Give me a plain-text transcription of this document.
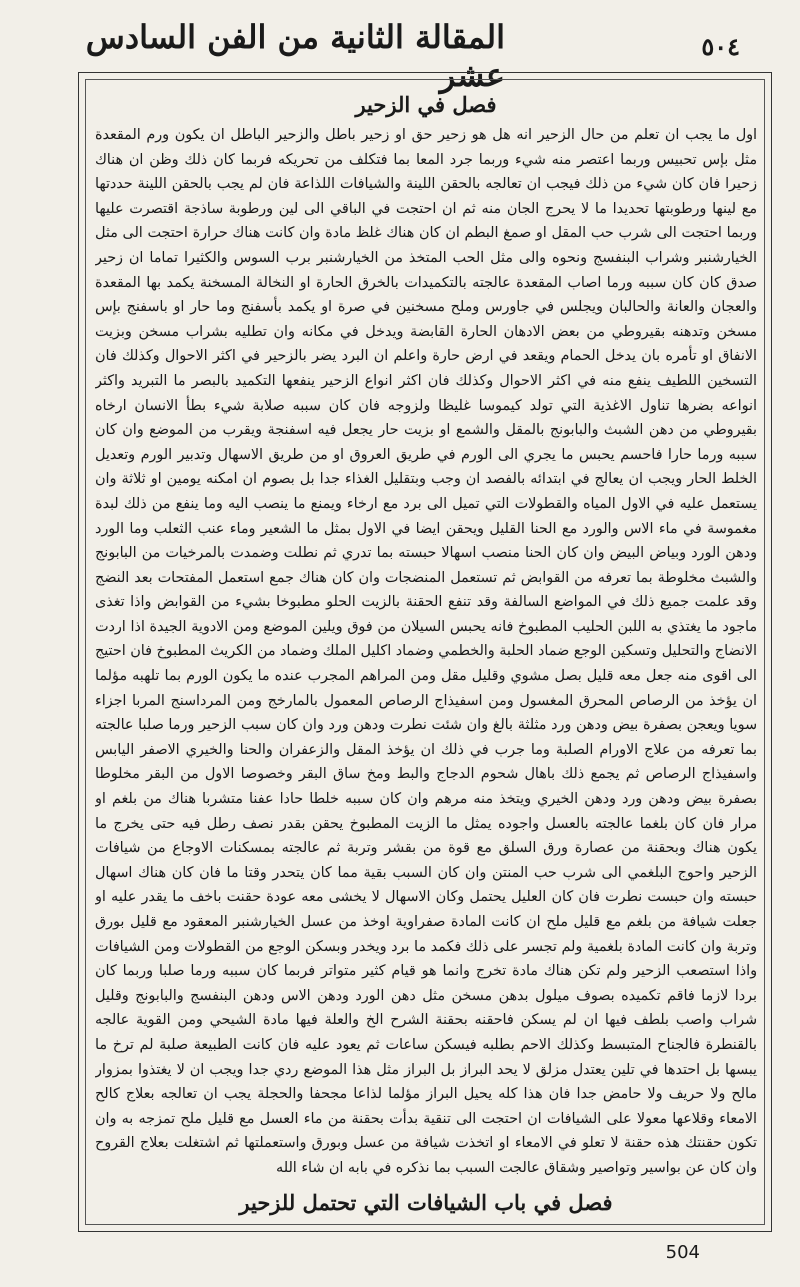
المقالة الثانية من الفن السادس عشر
٥٠٤
فصل في الزحير

اول ما يجب ان تعلم من حال الزحير انه هل هو زحير حق او زحير باطل والزحير الباطل ان يكون ورم المقعدة مثل بإس تحبيس وربما اعتصر منه شيء وربما جرد المعا بما فتكلف من تحريكه فربما كان ذلك وظن ان هناك زحيرا فان كان شيء من ذلك فيجب ان تعالجه بالحقن اللينة والشيافات اللذاعة فان لم يجب بالحقن اللينة حددتها مع لينها ورطوبتها تحديدا ما لا يحرج الجان منه ثم ان احتجت في الباقي الى لين ورطوبة ساذجة اقتصرت عليها وربما احتجت الى شرب حب المقل او صمغ البطم ان كان هناك غلظ مادة وان كانت هناك حرارة احتجت الى مثل الخيارشنبر وشراب البنفسج ونحوه والى مثل الحب المتخذ من الخيارشنبر برب السوس والكثيرا تماما ان زحير صدق كان كان سببه ورما اصاب المقعدة عالجته بالتكميدات بالخرق الحارة او النخالة المسخنة يكمد بها المقعدة والعجان والعانة والحالبان ويجلس في جاورس وملح مسخنين في صرة او يكمد بأسفنج وما حار او باسفنج بإس مسخن وتدهنه بقيروطي من بعض الادهان الحارة القابضة ويدخل في مكانه وان تطليه بشراب مسخن وبزيت الانفاق او تأمره بان يدخل الحمام ويقعد في ارض حارة واعلم ان البرد يضر بالزحير في اكثر الاحوال وكذلك فان التسخين اللطيف ينفع منه في اكثر الاحوال وكذلك فان اكثر انواع الزحير ينفعها التكميد بالبصر ما التبريد واكثر انواعه بضرها تناول الاغذية التي تولد كيموسا غليظا ولزوجه فان كان سببه صلابة شيء بطأ الانسان ارخاه بقيروطي من دهن الشبث والبابونج بالمقل والشمع او بزيت حار يجعل فيه اسفنجة ويقرب من الموضع وان كان سببه ورما حارا فاحسم يحبس ما يجري الى الورم في طريق العروق او من طريق الاسهال وتدبير الورم وتعديل الخلط الحار ويجب ان يعالج في ابتدائه بالفصد ان وجب وبتقليل الغذاء جدا بل بصوم ان امكنه يومين او ثلاثة وان يستعمل عليه في الاول المياه والقطولات التي تميل الى برد مع ارخاء ويمنع ما ينصب اليه وما ينفع من ذلك لبدة مغموسة في ماء الاس والورد مع الحنا القليل ويحقن ايضا في الاول بمثل ما الشعير وماء عنب الثعلب وما الورد ودهن الورد وبياض البيض وان كان الحنا منصب اسهالا حبسته بما تدري ثم نطلت وضمدت بالمرخيات من البابونج والشبث مخلوطة بما تعرفه من القوابض ثم تستعمل المنضجات وان كان هناك جمع استعمل المفتحات بعد النضج وقد علمت جميع ذلك في المواضع السالفة وقد تنفع الحقنة بالزيت الحلو مطبوخا بشيء من القوابض واذا تغذى ماجود ما يغتذي به اللبن الحليب المطبوخ فانه يحبس السيلان من فوق ويلين الموضع ومن الادوية الجيدة اذا اردت الانضاج والتحليل وتسكين الوجع ضماد الحلبة والخطمي وضماد اكليل الملك وضماد من الكريث المطبوخ فان احتيج الى اقوى منه جعل معه قليل بصل مشوي وقليل مقل ومن المراهم المجرب عنده ما يكون الورم بما تلهبه مؤلما ان يؤخذ من الرصاص المحرق المغسول ومن اسفيذاج الرصاص المعمول بالمارخج ومن المرداسنج المربا اجزاء سويا ويعجن بصفرة بيض ودهن ورد مثلثة بالغ وان شئت نطرت ودهن ورد وان كان سبب الزحير ورما صلبا عالجته بما تعرفه من علاج الاورام الصلبة وما جرب في ذلك ان يؤخذ المقل والزعفران والحنا والخيري الاصفر اليابس واسفيذاج الرصاص ثم يجمع ذلك باهال شحوم الدجاج والبط ومخ ساق البقر وخصوصا الاول من البقر مخلوطا بصفرة بيض ودهن ورد ودهن الخيري ويتخذ منه مرهم وان كان سببه خلطا حادا عفنا متشربا هناك من بلغم او مرار فان كان بلغما عالجته بالعسل واجوده يمثل ما الزيت المطبوخ يحقن بقدر نصف رطل فيه حتى يخرج ما يكون هناك وبحقنة من عصارة ورق السلق مع قوة من بقشر وتربة ثم عالجته بمسكنات الاوجاع من شيافات الزحير واحوج البلغمي الى شرب حب المنتن وان كان السبب بقية مما كان يتحدر وقتا ما فان كان هناك اسهال حبسته وان حبست نطرت فان كان العليل يحتمل وكان الاسهال لا يخشى معه عودة حقنت باخف ما يقدر عليه او جعلت شيافة من بلغم مع قليل ملح ان كانت المادة صفراوية اوخذ من عسل الخيارشنبر المعقود مع قليل بورق وتربة وان كانت المادة بلغمية ولم تجسر على ذلك فكمد ما برد ويخدر وبسكن الوجع من القطولات ومن الشيافات واذا استصعب الزحير ولم تكن هناك مادة تخرج وانما هو قيام كثير متواتر فربما كان سببه ورما صلبا وربما كان بردا لازما فاقم تكميده بصوف ميلول بدهن مسخن مثل دهن الورد ودهن الاس ودهن البنفسج والبابونج وقليل شراب واصب بلطف فيها ان لم يسكن فاحقنه بحقنة الشرح الخ والعلة فيها مادة الشيحي ومن القوية عالجه بالقنطرة فالجناح المتبسط وكذلك الاحم بطلبه فيسكن ساعات ثم يعود عليه فان كانت الطبيعة صلبة لم ترخ ما يبسها بل احتدها في تلين يعتدل مزلق لا يحد البراز بل البراز مثل هذا الموضع ردي جدا ويجب ان لا يغتذوا بمزوار مالح ولا حريف ولا حامض جدا فان هذا كله يحيل البراز مؤلما لذاعا مجحفا والحجلة يجب ان تعالجه بعلاج كالح الامعاء وقلاعها معولا على الشيافات ان احتجت الى تنقية بدأت بحقنة من ماء العسل مع قليل ملح تمزجه به وان تكون حقنتك هذه حقنة لا تعلو في الامعاء او اتخذت شيافة من عسل وبورق واستعملتها ثم اشتغلت بعلاج القروح وان كان عن بواسير وتواصير وشقاق عالجت السبب بما نذكره في بابه ان شاء الله

فصل في باب الشيافات التي تحتمل للزحير

504
